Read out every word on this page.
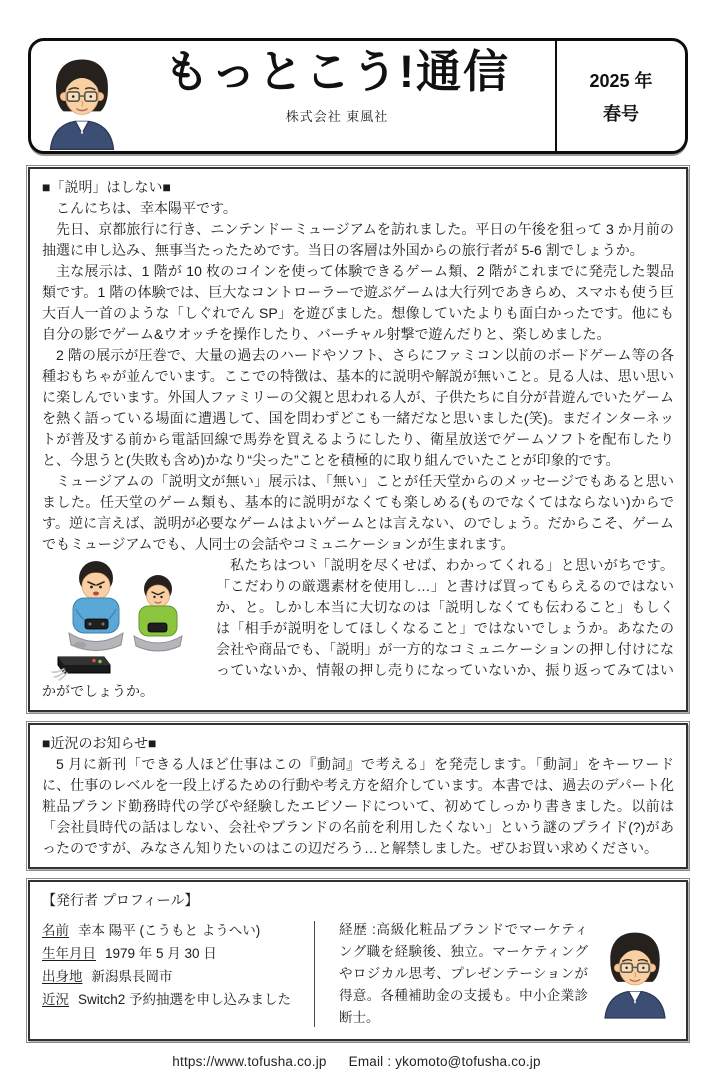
もっとこう!通信
株式会社 東風社
2025 年
春号

■「説明」はしない■

こんにちは、幸本陽平です。

先日、京都旅行に行き、ニンテンドーミュージアムを訪れました。平日の午後を狙って 3 か月前の抽選に申し込み、無事当たったためです。当日の客層は外国からの旅行者が 5-6 割でしょうか。

主な展示は、1 階が 10 枚のコインを使って体験できるゲーム類、2 階がこれまでに発売した製品類です。1 階の体験では、巨大なコントローラーで遊ぶゲームは大行列であきらめ、スマホも使う巨大百人一首のような「しぐれでん SP」を遊びました。想像していたよりも面白かったです。他にも自分の影でゲーム&ウオッチを操作したり、バーチャル射撃で遊んだりと、楽しめました。

2 階の展示が圧巻で、大量の過去のハードやソフト、さらにファミコン以前のボードゲーム等の各種おもちゃが並んでいます。ここでの特徴は、基本的に説明や解説が無いこと。見る人は、思い思いに楽しんでいます。外国人ファミリーの父親と思われる人が、子供たちに自分が昔遊んでいたゲームを熱く語っている場面に遭遇して、国を問わずどこも一緒だなと思いました(笑)。まだインターネットが普及する前から電話回線で馬券を買えるようにしたり、衛星放送でゲームソフトを配布したりと、今思うと(失敗も含め)かなり“尖った”ことを積極的に取り組んでいたことが印象的です。

ミュージアムの「説明文が無い」展示は、「無い」ことが任天堂からのメッセージでもあると思いました。任天堂のゲーム類も、基本的に説明がなくても楽しめる(ものでなくてはならない)からです。逆に言えば、説明が必要なゲームはよいゲームとは言えない、のでしょう。だからこそ、ゲームでもミュージアムでも、人同士の会話やコミュニケーションが生まれます。

私たちはつい「説明を尽くせば、わかってくれる」と思いがちです。「こだわりの厳選素材を使用し…」と書けば買ってもらえるのではないか、と。しかし本当に大切なのは「説明しなくても伝わること」もしくは「相手が説明をしてほしくなること」ではないでしょうか。あなたの会社や商品でも、「説明」が一方的なコミュニケーションの押し付けになっていないか、情報の押し売りになっていないか、振り返ってみてはいかがでしょうか。

■近況のお知らせ■

5 月に新刊「できる人ほど仕事はこの『動詞』で考える」を発売します。「動詞」をキーワードに、仕事のレベルを一段上げるための行動や考え方を紹介しています。本書では、過去のデパート化粧品ブランド勤務時代の学びや経験したエピソードについて、初めてしっかり書きました。以前は「会社員時代の話はしない、会社やブランドの名前を利用したくない」という謎のプライド(?)があったのですが、みなさん知りたいのはこの辺だろう…と解禁しました。ぜひお買い求めください。

【発行者 プロフィール】

名前 幸本 陽平 (こうもと ようへい)
生年月日 1979 年 5 月 30 日
出身地 新潟県長岡市
近況 Switch2 予約抽選を申し込みました
経歴 :高級化粧品ブランドでマーケティング職を経験後、独立。マーケティングやロジカル思考、プレゼンテーションが得意。各種補助金の支援も。中小企業診断士。
https://www.tofusha.co.jp Email : ykomoto@tofusha.co.jp
